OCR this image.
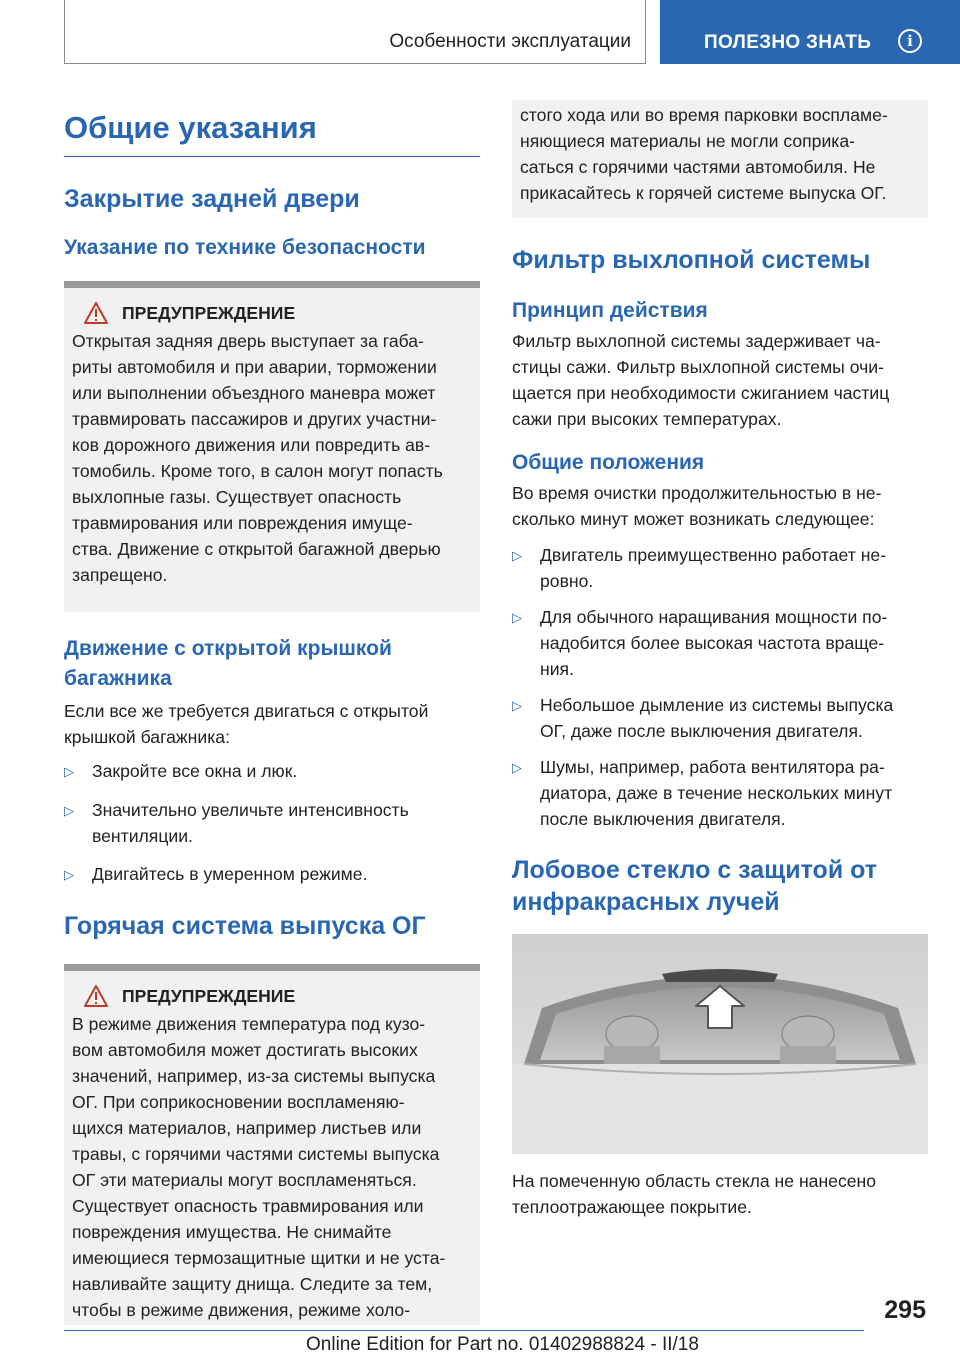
Особенности эксплуатации	ПОЛЕЗНО ЗНАТЬ	i
Общие указания
Закрытие задней двери
Указание по технике безопасности
ПРЕДУПРЕЖДЕНИЕ
Открытая задняя дверь выступает за габа-
риты автомобиля и при аварии, торможении
или выполнении объездного маневра может
травмировать пассажиров и других участни-
ков дорожного движения или повредить ав-
томобиль. Кроме того, в салон могут попасть
выхлопные газы. Существует опасность
травмирования или повреждения имуще-
ства. Движение с открытой багажной дверью
запрещено.
Движение с открытой крышкой
багажника
Если все же требуется двигаться с открытой
крышкой багажника:
▷	Закройте все окна и люк.
▷	Значительно увеличьте интенсивность
вентиляции.
▷	Двигайтесь в умеренном режиме.
Горячая система выпуска ОГ
ПРЕДУПРЕЖДЕНИЕ
В режиме движения температура под кузо-
вом автомобиля может достигать высоких
значений, например, из-за системы выпуска
ОГ. При соприкосновении воспламеняю-
щихся материалов, например листьев или
травы, с горячими частями системы выпуска
ОГ эти материалы могут воспламеняться.
Существует опасность травмирования или
повреждения имущества. Не снимайте
имеющиеся термозащитные щитки и не уста-
навливайте защиту днища. Следите за тем,
чтобы в режиме движения, режиме холо-
стого хода или во время парковки воспламе-
няющиеся материалы не могли соприка-
саться с горячими частями автомобиля. Не
прикасайтесь к горячей системе выпуска ОГ.
Фильтр выхлопной системы
Принцип действия
Фильтр выхлопной системы задерживает ча-
стицы сажи. Фильтр выхлопной системы очи-
щается при необходимости сжиганием частиц
сажи при высоких температурах.
Общие положения
Во время очистки продолжительностью в не-
сколько минут может возникать следующее:
▷	Двигатель преимущественно работает не-
ровно.
▷	Для обычного наращивания мощности по-
надобится более высокая частота враще-
ния.
▷	Небольшое дымление из системы выпуска
ОГ, даже после выключения двигателя.
▷	Шумы, например, работа вентилятора ра-
диатора, даже в течение нескольких минут
после выключения двигателя.
Лобовое стекло с защитой от
инфракрасных лучей
На помеченную область стекла не нанесено
теплоотражающее покрытие.
295
Online Edition for Part no. 01402988824 - II/18
